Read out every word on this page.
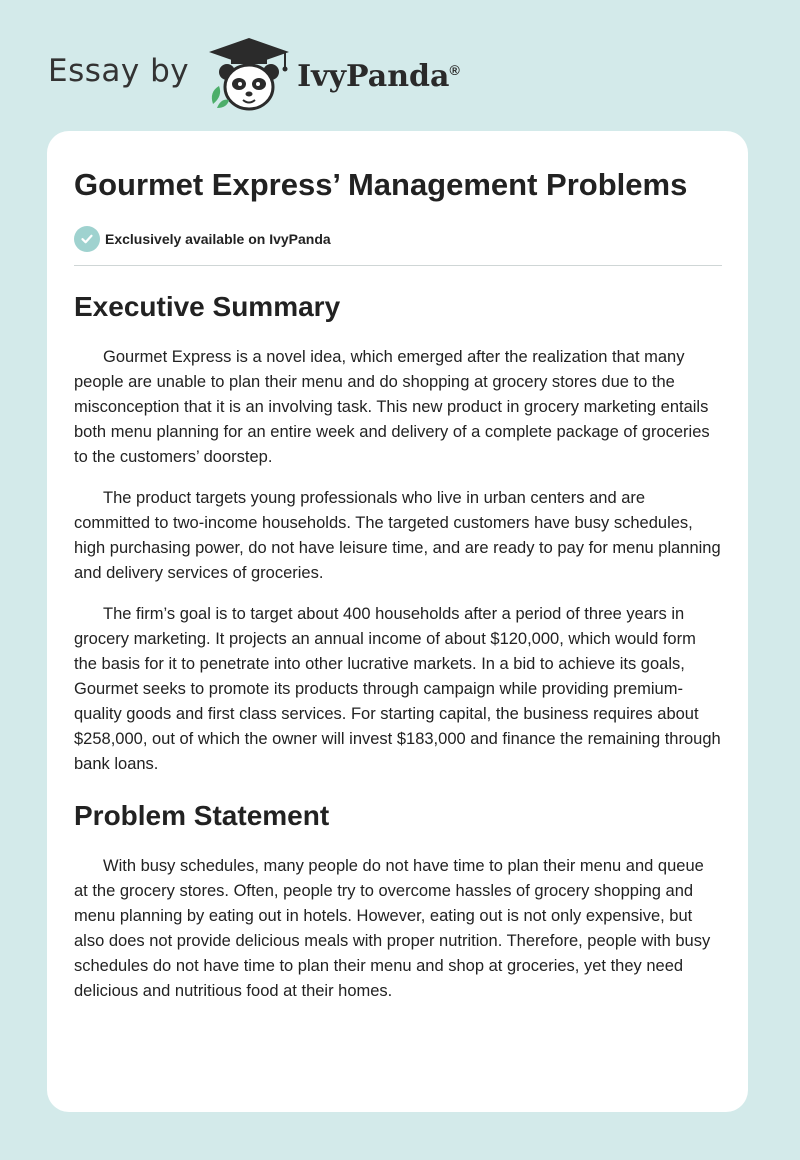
Essay by	IvyPanda®
Gourmet Express’ Management Problems
Exclusively available on IvyPanda
Executive Summary

Gourmet Express is a novel idea, which emerged after the realization that many people are unable to plan their menu and do shopping at grocery stores due to the misconception that it is an involving task. This new product in grocery marketing entails both menu planning for an entire week and delivery of a complete package of groceries to the customers’ doorstep.

The product targets young professionals who live in urban centers and are committed to two-income households. The targeted customers have busy schedules, high purchasing power, do not have leisure time, and are ready to pay for menu planning and delivery services of groceries.

The firm’s goal is to target about 400 households after a period of three years in grocery marketing. It projects an annual income of about $120,000, which would form the basis for it to penetrate into other lucrative markets. In a bid to achieve its goals, Gourmet seeks to promote its products through campaign while providing premium-quality goods and first class services. For starting capital, the business requires about $258,000, out of which the owner will invest $183,000 and finance the remaining through bank loans.

Problem Statement

With busy schedules, many people do not have time to plan their menu and queue at the grocery stores. Often, people try to overcome hassles of grocery shopping and menu planning by eating out in hotels. However, eating out is not only expensive, but also does not provide delicious meals with proper nutrition. Therefore, people with busy schedules do not have time to plan their menu and shop at groceries, yet they need delicious and nutritious food at their homes.
